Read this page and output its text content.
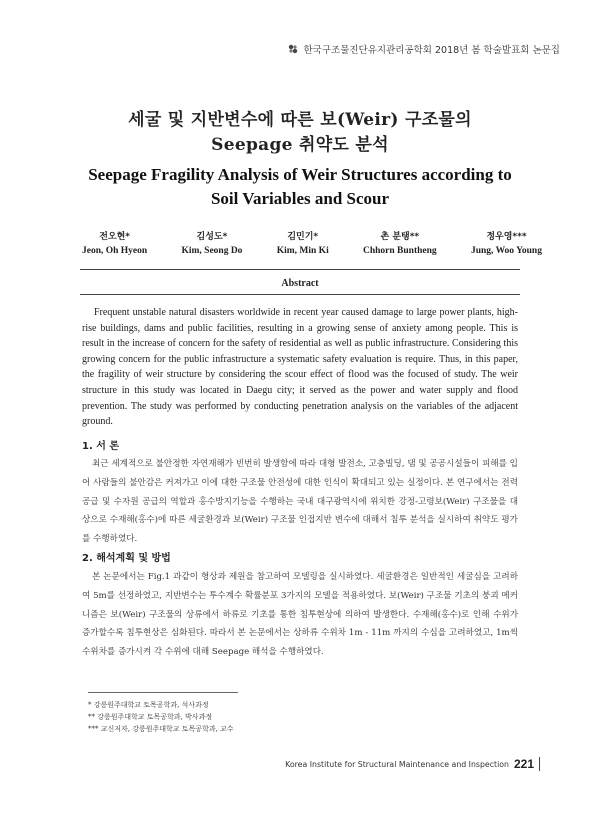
한국구조물진단유지관리공학회 2018년 봄 학술발표회 논문집
세굴 및 지반변수에 따른 보(Weir) 구조물의
Seepage 취약도 분석
Seepage Fragility Analysis of Weir Structures according to
Soil Variables and Scour
전오현*
Jeon, Oh Hyeon
김성도*
Kim, Seong Do
김민기*
Kim, Min Ki
촌 분탱**
Chhorn Buntheng
정우영***
Jung, Woo Young
Abstract
Frequent unstable natural disasters worldwide in recent year caused damage to large power plants, high-rise buildings, dams and public facilities, resulting in a growing sense of anxiety among people. This is result in the increase of concern for the safety of residential as well as public infrastructure. Considering this growing concern for the public infrastructure a systematic safety evaluation is require. Thus, in this paper, the fragility of weir structure by considering the scour effect of flood was the focused of study. The weir structure in this study was located in Daegu city; it served as the power and water supply and flood prevention. The study was performed by conducting penetration analysis on the variables of the adjacent ground.
1. 서 론
최근 세계적으로 불안정한 자연재해가 빈번히 발생함에 따라 대형 발전소, 고층빌딩, 댐 및 공공시설들이 피해를 입어 사람들의 불안감은 커져가고 이에 대한 구조물 안전성에 대한 인식이 확대되고 있는 실정이다. 본 연구에서는 전력공급 및 수자원 공급의 역할과 홍수방지기능을 수행하는 국내 대구광역시에 위치한 강정-고령보(Weir) 구조물을 대상으로 수재해(홍수)에 따른 세굴환경과 보(Weir) 구조물 인접지반 변수에 대해서 침투 분석을 실시하여 취약도 평가를 수행하였다.
2. 해석계획 및 방법
본 논문에서는 Fig.1 과같이 형상과 제원을 참고하여 모델링을 실시하였다. 세굴환경은 일반적인 세굴심을 고려하여 5m를 선정하였고, 지반변수는 투수계수 확률분포 3가지의 모델을 적용하였다. 보(Weir) 구조물 기초의 붕괴 메커니즘은 보(Weir) 구조물의 상류에서 하류로 기초를 통한 침투현상에 의하여 발생한다. 수재해(홍수)로 인해 수위가 증가할수록 침투현상은 심화된다. 따라서 본 논문에서는 상하류 수위차 1m - 11m 까지의 수심을 고려하였고, 1m씩 수위차를 증가시켜 각 수위에 대해 Seepage 해석을 수행하였다.
* 강릉원주대학교 토목공학과, 석사과정
** 강릉원주대학교 토목공학과, 박사과정
*** 교신저자, 강릉원주대학교 토목공학과, 교수
Korea Institute for Structural Maintenance and Inspection 221
